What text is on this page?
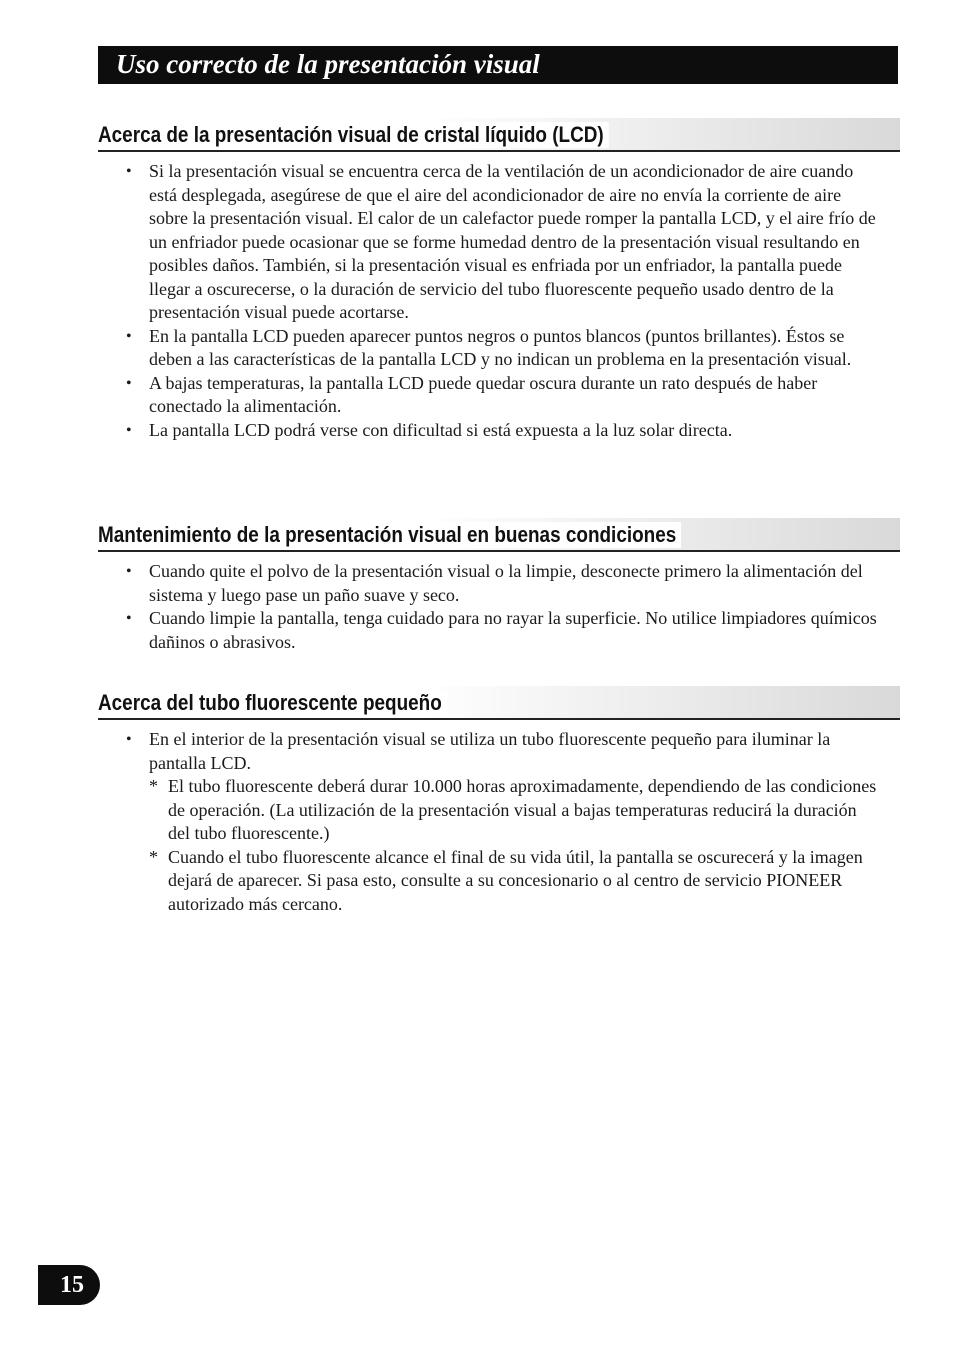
Uso correcto de la presentación visual
Acerca de la presentación visual de cristal líquido (LCD)
• Si la presentación visual se encuentra cerca de la ventilación de un acondicionador de aire cuando está desplegada, asegúrese de que el aire del acondicionador de aire no envía la corriente de aire sobre la presentación visual. El calor de un calefactor puede romper la pantalla LCD, y el aire frío de un enfriador puede ocasionar que se forme humedad dentro de la presentación visual resultando en posibles daños. También, si la presentación visual es enfriada por un enfriador, la pantalla puede llegar a oscurecerse, o la duración de servicio del tubo fluorescente pequeño usado dentro de la presentación visual puede acortarse.
• En la pantalla LCD pueden aparecer puntos negros o puntos blancos (puntos brillantes). Éstos se deben a las características de la pantalla LCD y no indican un problema en la presentación visual.
• A bajas temperaturas, la pantalla LCD puede quedar oscura durante un rato después de haber conectado la alimentación.
• La pantalla LCD podrá verse con dificultad si está expuesta a la luz solar directa.
Mantenimiento de la presentación visual en buenas condiciones
• Cuando quite el polvo de la presentación visual o la limpie, desconecte primero la alimentación del sistema y luego pase un paño suave y seco.
• Cuando limpie la pantalla, tenga cuidado para no rayar la superficie. No utilice limpiadores químicos dañinos o abrasivos.
Acerca del tubo fluorescente pequeño
• En el interior de la presentación visual se utiliza un tubo fluorescente pequeño para iluminar la pantalla LCD.
* El tubo fluorescente deberá durar 10.000 horas aproximadamente, dependiendo de las condiciones de operación. (La utilización de la presentación visual a bajas temperaturas reducirá la duración del tubo fluorescente.)
* Cuando el tubo fluorescente alcance el final de su vida útil, la pantalla se oscurecerá y la imagen dejará de aparecer. Si pasa esto, consulte a su concesionario o al centro de servicio PIONEER autorizado más cercano.
15
